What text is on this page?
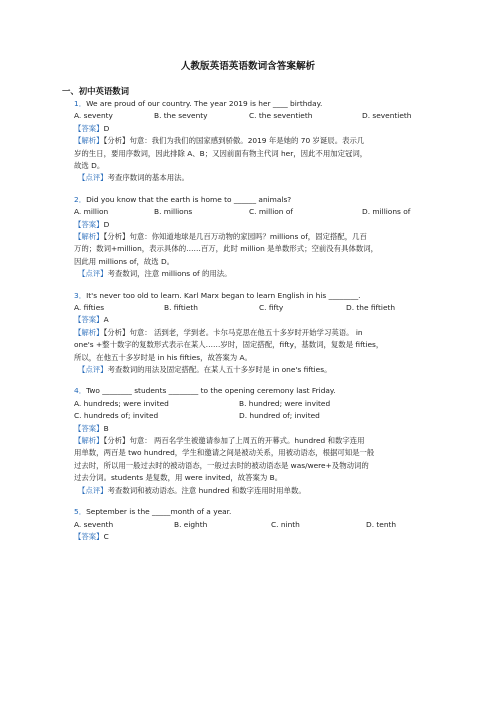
人教版英语英语数词含答案解析
一、初中英语数词
1．We are proud of our country. The year 2019 is her ____ birthday.
A. seventy	B. the seventy	C. the seventieth	D. seventieth
【答案】D
【解析】【分析】句意：我们为我们的国家感到骄傲。2019 年是她的 70 岁诞辰。表示几
岁的生日，要用序数词，因此排除 A、B；又因前面有物主代词 her，因此不用加定冠词，
故选 D。
【点评】考查序数词的基本用法。
2．Did you know that the earth is home to ______ animals?
A. million	B. millions	C. million of	D. millions of
【答案】D
【解析】【分析】句意：你知道地球是几百万动物的家园吗？millions of，固定搭配，几百
万的；数词+million，表示具体的……百万，此时 million 是单数形式；空前没有具体数词，
因此用 millions of，故选 D。
【点评】考查数词，注意 millions of 的用法。
3．It's never too old to learn. Karl Marx began to learn English in his ________.
A. fifties	B. fiftieth	C. fifty	D. the fiftieth
【答案】A
【解析】【分析】句意： 活到老，学到老。卡尔马克思在他五十多岁时开始学习英语。 in
one's +整十数字的复数形式表示在某人……岁时，固定搭配，fifty，基数词，复数是 fifties，
所以，在他五十多岁时是 in his fifties，故答案为 A。
【点评】考查数词的用法及固定搭配。在某人五十多岁时是 in one's fifties。
4．Two ________ students ________ to the opening ceremony last Friday.
A. hundreds; were invited	B. hundred; were invited
C. hundreds of; invited	D. hundred of; invited
【答案】B
【解析】【分析】句意： 两百名学生被邀请参加了上周五的开幕式。hundred 和数字连用
用单数，两百是 two hundred，学生和邀请之间是被动关系，用被动语态，根据可知是一般
过去时，所以用一般过去时的被动语态，一般过去时的被动语态是 was/were+及物动词的
过去分词。students 是复数，用 were invited，故答案为 B。
【点评】考查数词和被动语态。注意 hundred 和数字连用时用单数。
5．September is the _____month of a year.
A. seventh	B. eighth	C. ninth	D. tenth
【答案】C
